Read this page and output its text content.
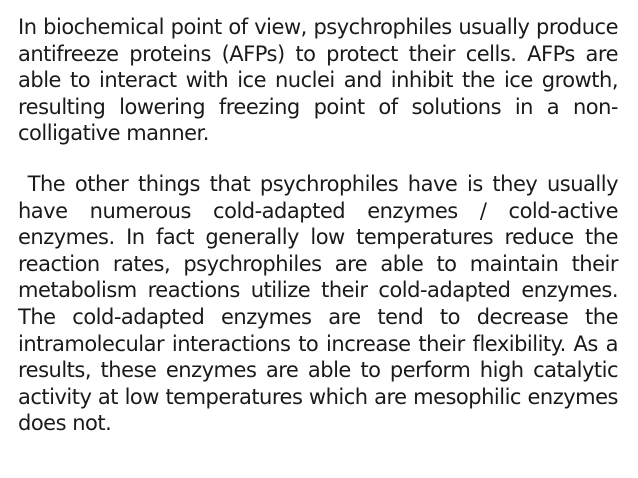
In biochemical point of view, psychrophiles usually produce antifreeze proteins (AFPs) to protect their cells. AFPs are able to interact with ice nuclei and inhibit the ice growth, resulting lowering freezing point of solutions in a non-colligative manner.

The other things that psychrophiles have is they usually have numerous cold-adapted enzymes / cold-active enzymes. In fact generally low temperatures reduce the reaction rates, psychrophiles are able to maintain their metabolism reactions utilize their cold-adapted enzymes. The cold-adapted enzymes are tend to decrease the intramolecular interactions to increase their flexibility. As a results, these enzymes are able to perform high catalytic activity at low temperatures which are mesophilic enzymes does not.
